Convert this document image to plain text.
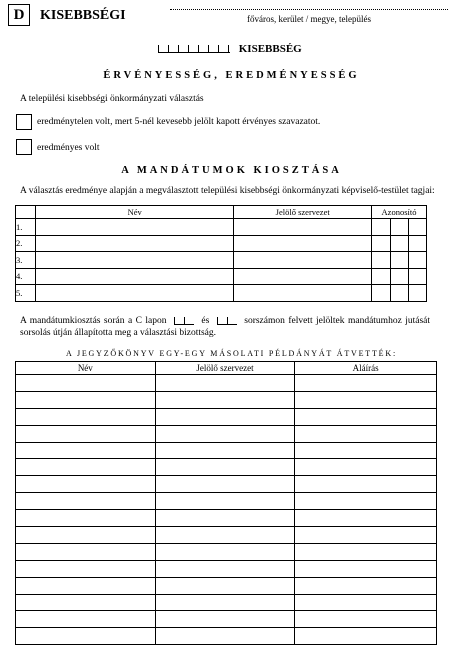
D	KISEBBSÉGI	főváros, kerület / megye, település
KISEBBSÉG
ÉRVÉNYESSÉG, EREDMÉNYESSÉG
A települési kisebbségi önkormányzati választás
eredménytelen volt, mert 5-nél kevesebb jelölt kapott érvényes szavazatot.
eredményes volt
A MANDÁTUMOK KIOSZTÁSA
A választás eredménye alapján a megválasztott települési kisebbségi önkormányzati képviselő-testület tagjai:
	Név	Jelölő szervezet	Azonosító		
1.					
2.					
3.					
4.					
5.					
A mandátumkiosztás során a C lapon	és	sorszámon felvett jelöltek mandátumhoz jutását sorsolás útján állapította meg a választási bizottság.
A JEGYZŐKÖNYV EGY-EGY MÁSOLATI PÉLDÁNYÁT ÁTVETTÉK:
Név	Jelölő szervezet	Aláírás
